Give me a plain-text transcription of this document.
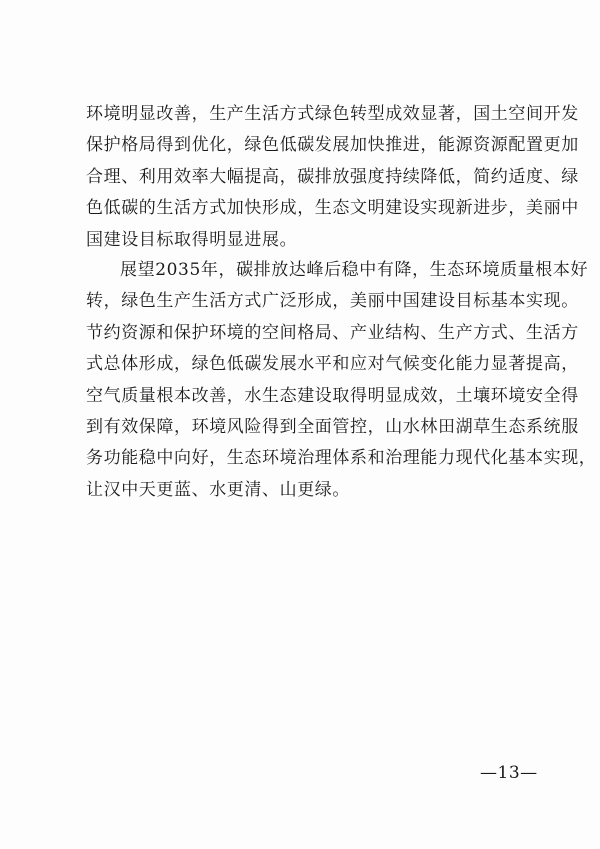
环境明显改善，生产生活方式绿色转型成效显著，国土空间开发
保护格局得到优化，绿色低碳发展加快推进，能源资源配置更加
合理、利用效率大幅提高，碳排放强度持续降低，简约适度、绿
色低碳的生活方式加快形成，生态文明建设实现新进步，美丽中
国建设目标取得明显进展。
展望2035年，碳排放达峰后稳中有降，生态环境质量根本好
转，绿色生产生活方式广泛形成，美丽中国建设目标基本实现。
节约资源和保护环境的空间格局、产业结构、生产方式、生活方
式总体形成，绿色低碳发展水平和应对气候变化能力显著提高，
空气质量根本改善，水生态建设取得明显成效，土壤环境安全得
到有效保障，环境风险得到全面管控，山水林田湖草生态系统服
务功能稳中向好，生态环境治理体系和治理能力现代化基本实现，
让汉中天更蓝、水更清、山更绿。
—13—
